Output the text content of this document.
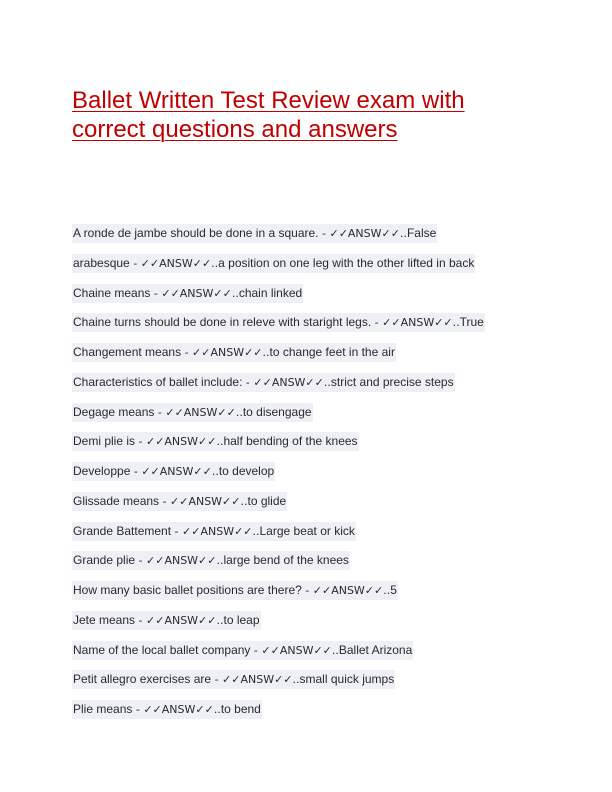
Ballet Written Test Review exam with correct questions and answers
A ronde de jambe should be done in a square. - ✓✓ANSW✓✓..False
arabesque - ✓✓ANSW✓✓..a position on one leg with the other lifted in back
Chaine means - ✓✓ANSW✓✓..chain linked
Chaine turns should be done in releve with staright legs. - ✓✓ANSW✓✓..True
Changement means - ✓✓ANSW✓✓..to change feet in the air
Characteristics of ballet include: - ✓✓ANSW✓✓..strict and precise steps
Degage means - ✓✓ANSW✓✓..to disengage
Demi plie is - ✓✓ANSW✓✓..half bending of the knees
Developpe - ✓✓ANSW✓✓..to develop
Glissade means - ✓✓ANSW✓✓..to glide
Grande Battement - ✓✓ANSW✓✓..Large beat or kick
Grande plie - ✓✓ANSW✓✓..large bend of the knees
How many basic ballet positions are there? - ✓✓ANSW✓✓..5
Jete means - ✓✓ANSW✓✓..to leap
Name of the local ballet company - ✓✓ANSW✓✓..Ballet Arizona
Petit allegro exercises are - ✓✓ANSW✓✓..small quick jumps
Plie means - ✓✓ANSW✓✓..to bend
